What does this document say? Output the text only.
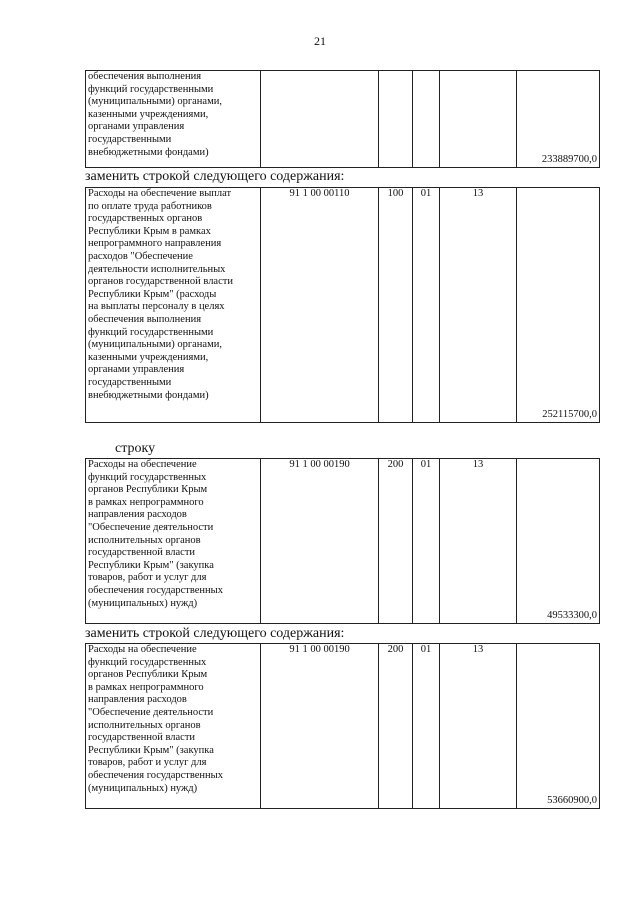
21
обеспечения выполнения
функций государственными
(муниципальными) органами,
казенными учреждениями,
органами управления
государственными
внебюджетными фондами)					233889700,0
заменить строкой следующего содержания:
Расходы на обеспечение выплат
по оплате труда работников
государственных органов
Республики Крым в рамках
непрограммного направления
расходов "Обеспечение
деятельности исполнительных
органов государственной власти
Республики Крым" (расходы
на выплаты персоналу в целях
обеспечения выполнения
функций государственными
(муниципальными) органами,
казенными учреждениями,
органами управления
государственными
внебюджетными фондами)	91 1 00 00110	100	01	13	252115700,0
строку
Расходы на обеспечение
функций государственных
органов Республики Крым
в рамках непрограммного
направления расходов
"Обеспечение деятельности
исполнительных органов
государственной власти
Республики Крым" (закупка
товаров, работ и услуг для
обеспечения государственных
(муниципальных) нужд)	91 1 00 00190	200	01	13	49533300,0
заменить строкой следующего содержания:
Расходы на обеспечение
функций государственных
органов Республики Крым
в рамках непрограммного
направления расходов
"Обеспечение деятельности
исполнительных органов
государственной власти
Республики Крым" (закупка
товаров, работ и услуг для
обеспечения государственных
(муниципальных) нужд)	91 1 00 00190	200	01	13	53660900,0
